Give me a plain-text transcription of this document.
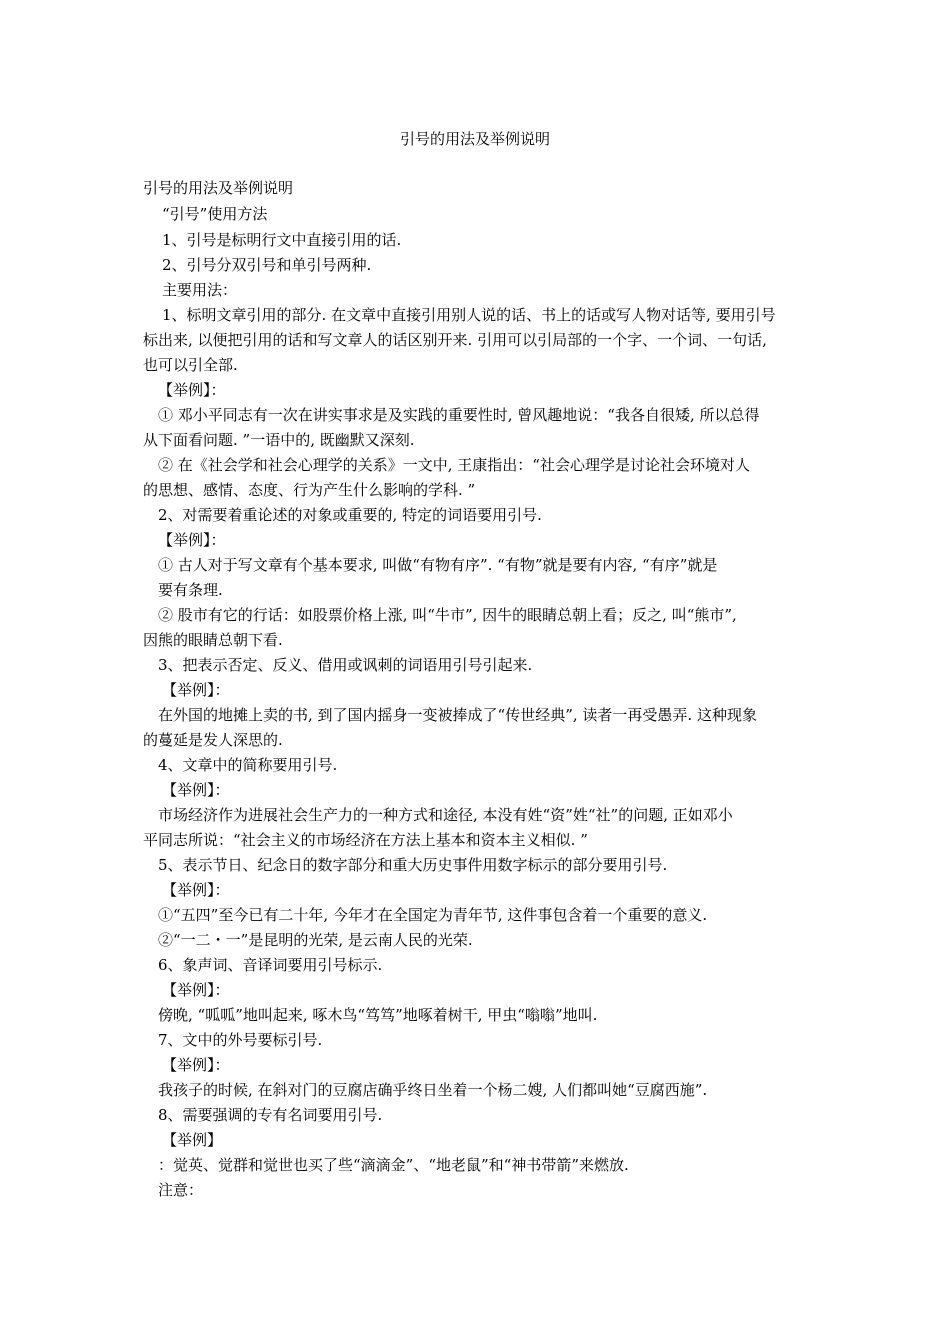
引号的用法及举例说明
引号的用法及举例说明
“引号”使用方法
1、引号是标明行文中直接引用的话.
2、引号分双引号和单引号两种.
主要用法：
1、标明文章引用的部分. 在文章中直接引用别人说的话、书上的话或写人物对话等, 要用引号
标出来, 以便把引用的话和写文章人的话区别开来. 引用可以引局部的一个字、一个词、一句话,
也可以引全部.
【举例】：
① 邓小平同志有一次在讲实事求是及实践的重要性时, 曾风趣地说：“我各自很矮, 所以总得
从下面看问题. ”一语中的, 既幽默又深刻.
② 在《社会学和社会心理学的关系》一文中, 王康指出：“社会心理学是讨论社会环境对人
的思想、感情、态度、行为产生什么影响的学科. ”
2、对需要着重论述的对象或重要的, 特定的词语要用引号.
【举例】：
① 古人对于写文章有个基本要求, 叫做“有物有序”. “有物”就是要有内容, “有序”就是
要有条理.
② 股市有它的行话：如股票价格上涨, 叫“牛市”, 因牛的眼睛总朝上看；反之, 叫“熊市”,
因熊的眼睛总朝下看.
3、把表示否定、反义、借用或讽刺的词语用引号引起来.
【举例】：
在外国的地摊上卖的书, 到了国内摇身一变被捧成了“传世经典”, 读者一再受愚弄. 这种现象
的蔓延是发人深思的.
4、文章中的简称要用引号.
【举例】：
市场经济作为进展社会生产力的一种方式和途径, 本没有姓“资”姓“社”的问题, 正如邓小
平同志所说：“社会主义的市场经济在方法上基本和资本主义相似. ”
5、表示节日、纪念日的数字部分和重大历史事件用数字标示的部分要用引号.
【举例】：
①“五四”至今已有二十年, 今年才在全国定为青年节, 这件事包含着一个重要的意义.
②“一二・一”是昆明的光荣, 是云南人民的光荣.
6、象声词、音译词要用引号标示.
【举例】：
傍晚, “呱呱”地叫起来, 啄木鸟“笃笃”地啄着树干, 甲虫“嗡嗡”地叫.
7、文中的外号要标引号.
【举例】：
我孩子的时候, 在斜对门的豆腐店确乎终日坐着一个杨二嫂, 人们都叫她“豆腐西施”.
8、需要强调的专有名词要用引号.
【举例】
：觉英、觉群和觉世也买了些“滴滴金”、“地老鼠”和“神书带箭”来燃放.
注意：
